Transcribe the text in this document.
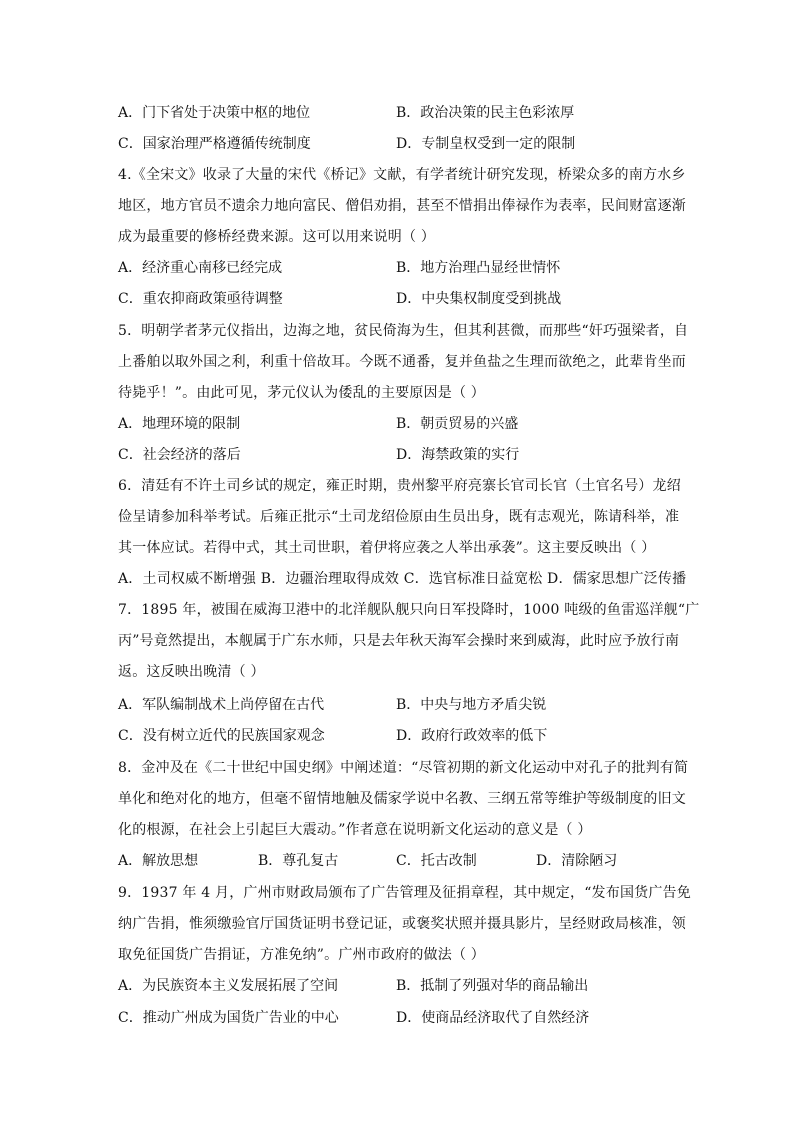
A．门下省处于决策中枢的地位	B．政治决策的民主色彩浓厚
C．国家治理严格遵循传统制度	D．专制皇权受到一定的限制
4.《全宋文》收录了大量的宋代《桥记》文献，有学者统计研究发现，桥梁众多的南方水乡
地区，地方官员不遗余力地向富民、僧侣劝捐，甚至不惜捐出俸禄作为表率，民间财富逐渐
成为最重要的修桥经费来源。这可以用来说明（ ）
A．经济重心南移已经完成	B．地方治理凸显经世情怀
C．重农抑商政策亟待调整	D．中央集权制度受到挑战
5．明朝学者茅元仪指出，边海之地，贫民倚海为生，但其利甚微，而那些“奸巧强梁者，自
上番舶以取外国之利，利重十倍故耳。今既不通番，复并鱼盐之生理而欲绝之，此辈肯坐而
待毙乎！”。由此可见，茅元仪认为倭乱的主要原因是（ ）
A．地理环境的限制	B．朝贡贸易的兴盛
C．社会经济的落后	D．海禁政策的实行
6．清廷有不许土司乡试的规定，雍正时期，贵州黎平府亮寨长官司长官（土官名号）龙绍
俭呈请参加科举考试。后雍正批示“土司龙绍俭原由生员出身，既有志观光，陈请科举，准
其一体应试。若得中式，其土司世职，着伊将应袭之人举出承袭”。这主要反映出（ ）
A．土司权威不断增强 B．边疆治理取得成效 C．选官标准日益宽松 D．儒家思想广泛传播
7．1895 年，被围在威海卫港中的北洋舰队舰只向日军投降时，1000 吨级的鱼雷巡洋舰“广
丙”号竟然提出，本舰属于广东水师，只是去年秋天海军会操时来到威海，此时应予放行南
返。这反映出晚清（ ）
A．军队编制战术上尚停留在古代	B．中央与地方矛盾尖锐
C．没有树立近代的民族国家观念	D．政府行政效率的低下
8．金冲及在《二十世纪中国史纲》中阐述道：“尽管初期的新文化运动中对孔子的批判有简
单化和绝对化的地方，但毫不留情地触及儒家学说中名教、三纲五常等维护等级制度的旧文
化的根源，在社会上引起巨大震动。”作者意在说明新文化运动的意义是（ ）
A．解放思想	B．尊孔复古	C．托古改制	D．清除陋习
9．1937 年 4 月，广州市财政局颁布了广告管理及征捐章程，其中规定，“发布国货广告免
纳广告捐，惟须缴验官厅国货证明书登记证，或褒奖状照并摄具影片，呈经财政局核准，领
取免征国货广告捐证，方准免纳”。广州市政府的做法（ ）
A．为民族资本主义发展拓展了空间	B．抵制了列强对华的商品输出
C．推动广州成为国货广告业的中心	D．使商品经济取代了自然经济
